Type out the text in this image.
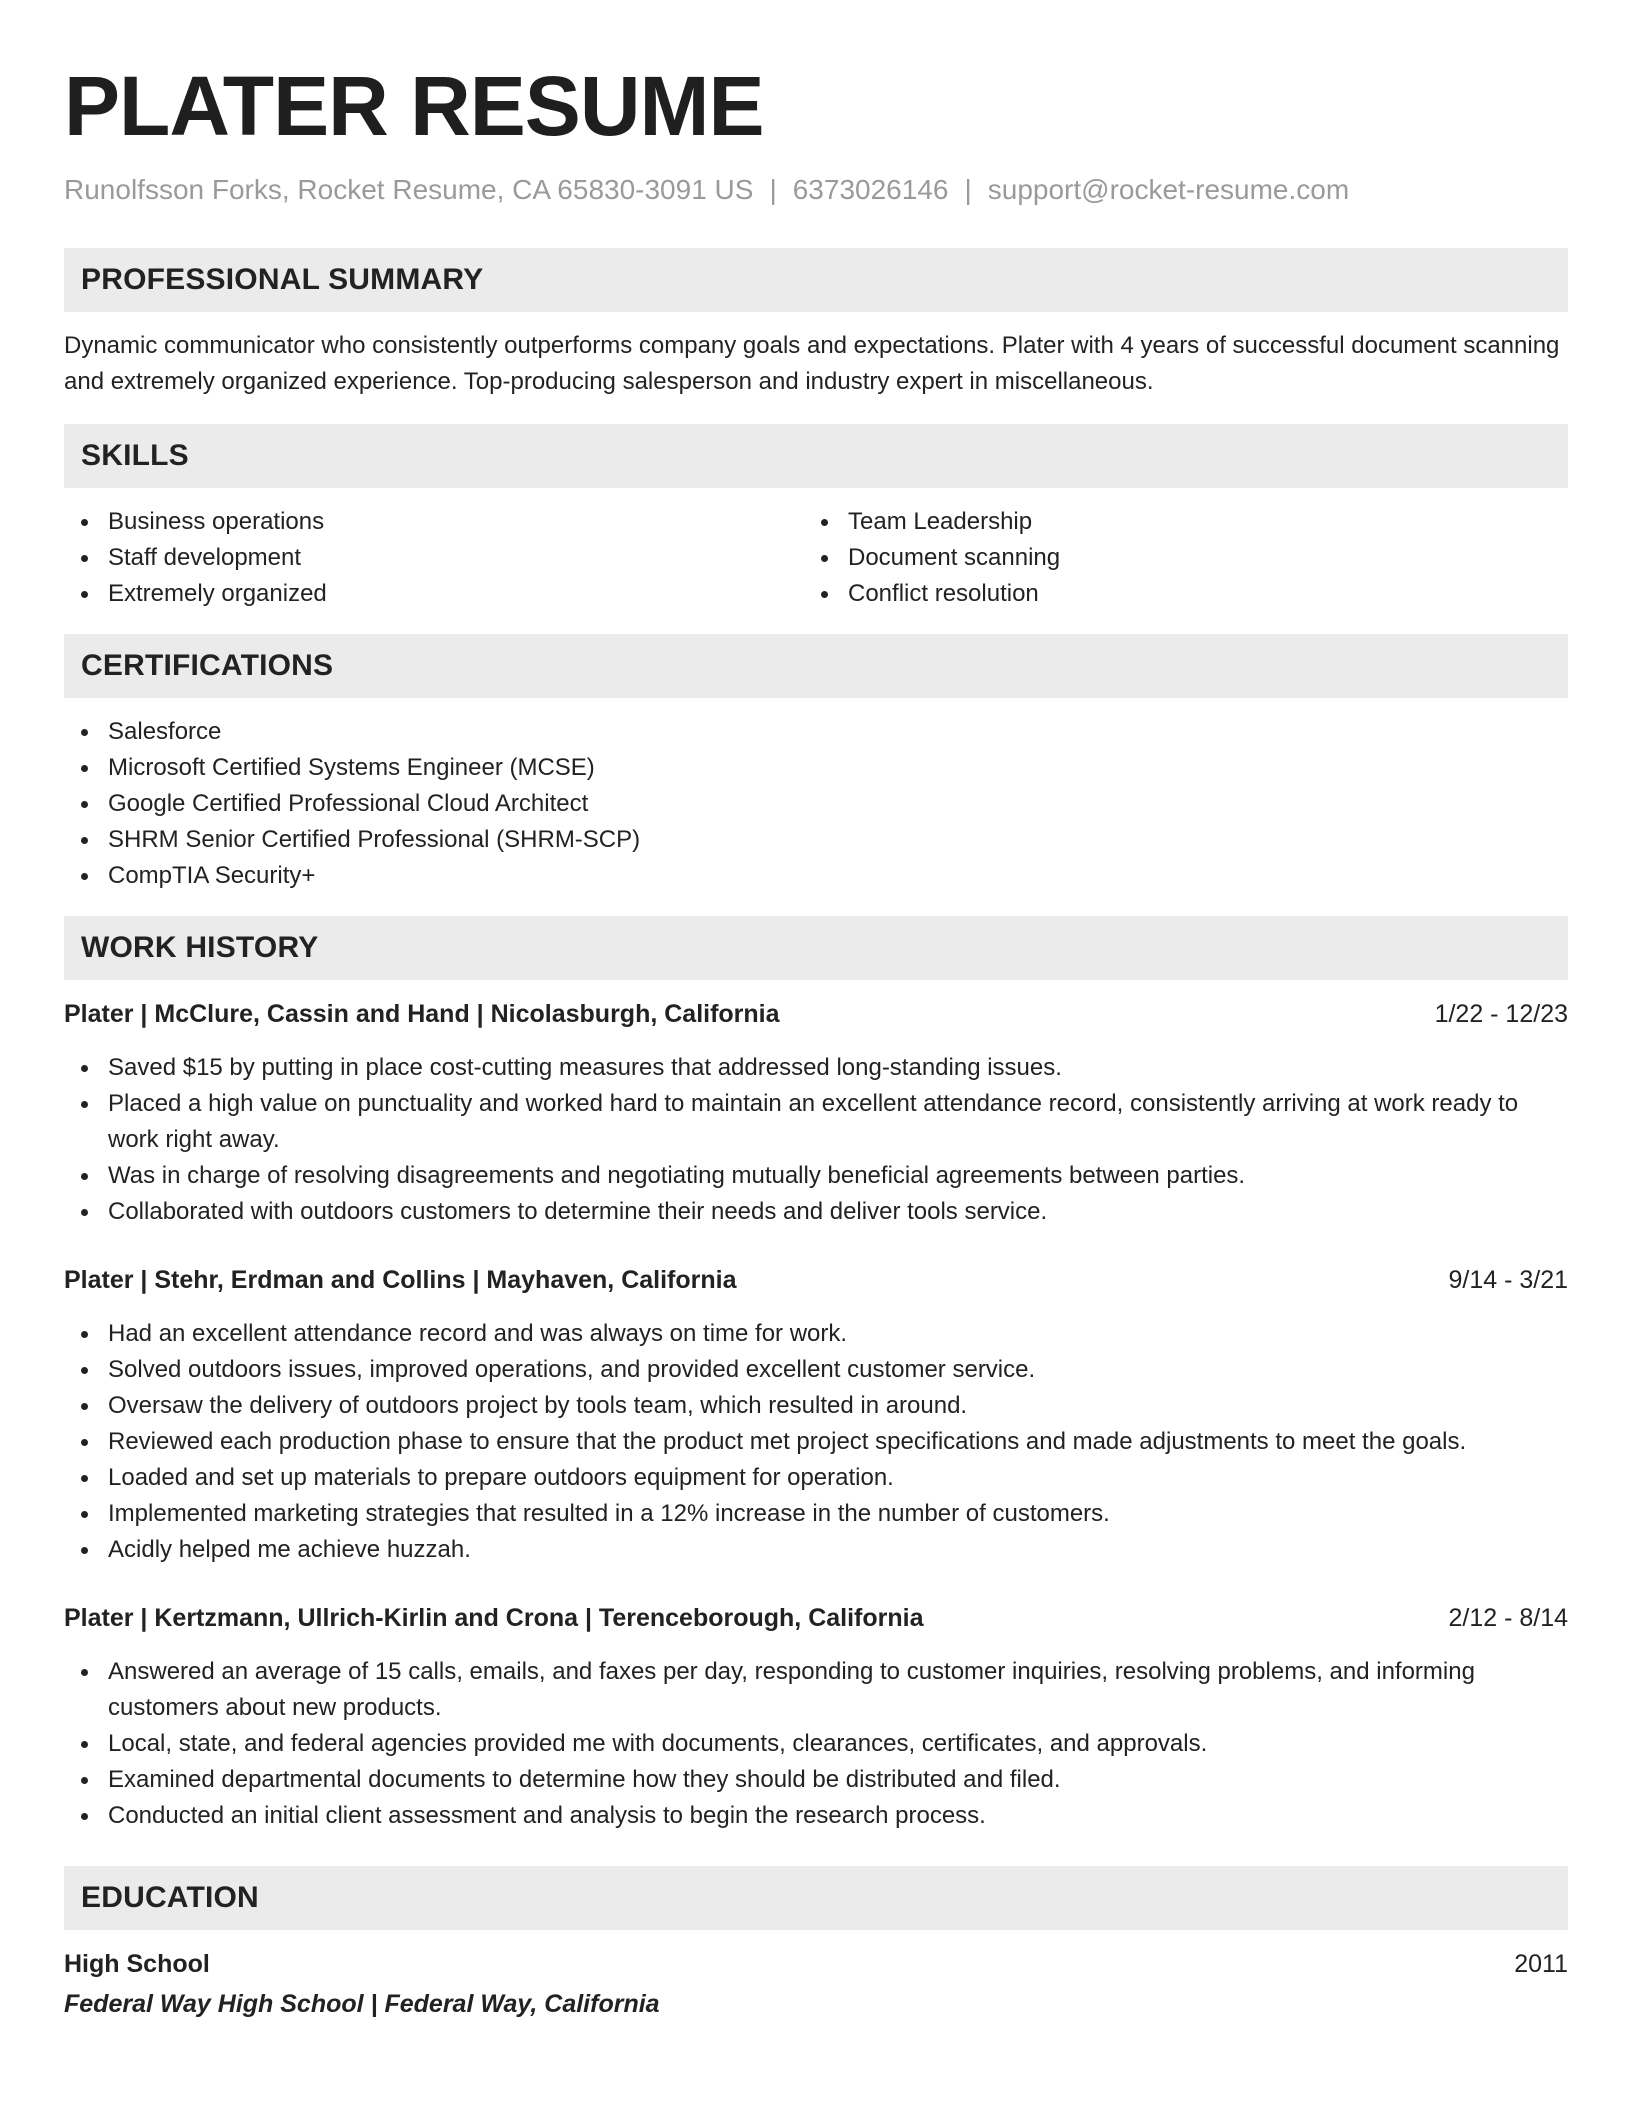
PLATER RESUME
Runolfsson Forks, Rocket Resume, CA 65830-3091 US | 6373026146 | support@rocket-resume.com
PROFESSIONAL SUMMARY
Dynamic communicator who consistently outperforms company goals and expectations. Plater with 4 years of successful document scanning and extremely organized experience. Top-producing salesperson and industry expert in miscellaneous.
SKILLS
Business operations
Staff development
Extremely organized
Team Leadership
Document scanning
Conflict resolution
CERTIFICATIONS
Salesforce
Microsoft Certified Systems Engineer (MCSE)
Google Certified Professional Cloud Architect
SHRM Senior Certified Professional (SHRM-SCP)
CompTIA Security+
WORK HISTORY
Plater | McClure, Cassin and Hand | Nicolasburgh, California	1/22 - 12/23
Saved $15 by putting in place cost-cutting measures that addressed long-standing issues.
Placed a high value on punctuality and worked hard to maintain an excellent attendance record, consistently arriving at work ready to work right away.
Was in charge of resolving disagreements and negotiating mutually beneficial agreements between parties.
Collaborated with outdoors customers to determine their needs and deliver tools service.
Plater | Stehr, Erdman and Collins | Mayhaven, California	9/14 - 3/21
Had an excellent attendance record and was always on time for work.
Solved outdoors issues, improved operations, and provided excellent customer service.
Oversaw the delivery of outdoors project by tools team, which resulted in around.
Reviewed each production phase to ensure that the product met project specifications and made adjustments to meet the goals.
Loaded and set up materials to prepare outdoors equipment for operation.
Implemented marketing strategies that resulted in a 12% increase in the number of customers.
Acidly helped me achieve huzzah.
Plater | Kertzmann, Ullrich-Kirlin and Crona | Terenceborough, California	2/12 - 8/14
Answered an average of 15 calls, emails, and faxes per day, responding to customer inquiries, resolving problems, and informing customers about new products.
Local, state, and federal agencies provided me with documents, clearances, certificates, and approvals.
Examined departmental documents to determine how they should be distributed and filed.
Conducted an initial client assessment and analysis to begin the research process.
EDUCATION
High School	2011
Federal Way High School | Federal Way, California
